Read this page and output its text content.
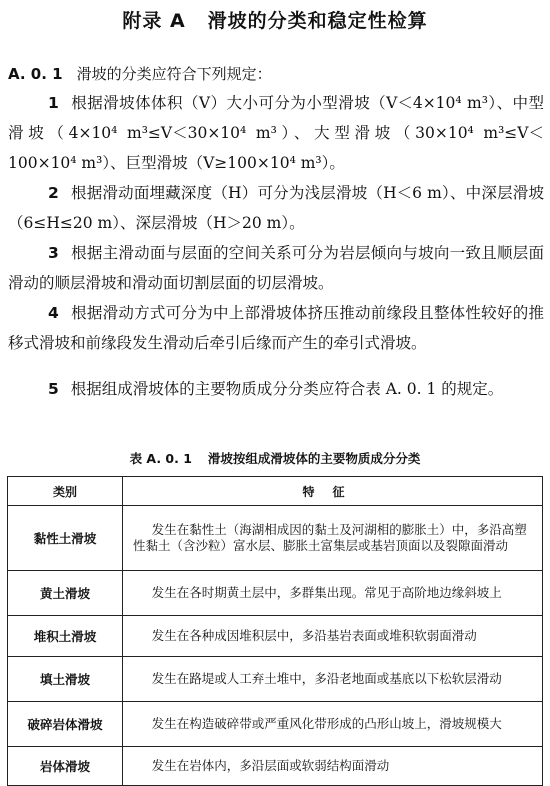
附录 A 滑坡的分类和稳定性检算
A. 0. 1 滑坡的分类应符合下列规定：
1 根据滑坡体体积（V）大小可分为小型滑坡（V＜4×10⁴ m³）、中型滑坡（4×10⁴ m³≤V＜30×10⁴ m³）、大型滑坡（30×10⁴ m³≤V＜100×10⁴ m³）、巨型滑坡（V≥100×10⁴ m³）。
2 根据滑动面埋藏深度（H）可分为浅层滑坡（H＜6 m）、中深层滑坡（6≤H≤20 m）、深层滑坡（H＞20 m）。
3 根据主滑动面与层面的空间关系可分为岩层倾向与坡向一致且顺层面滑动的顺层滑坡和滑动面切割层面的切层滑坡。
4 根据滑动方式可分为中上部滑坡体挤压推动前缘段且整体性较好的推移式滑坡和前缘段发生滑动后牵引后缘而产生的牵引式滑坡。
5 根据组成滑坡体的主要物质成分分类应符合表 A. 0. 1 的规定。
表 A. 0. 1 滑坡按组成滑坡体的主要物质成分分类
类别	特征
黏性土滑坡	发生在黏性土（海湖相成因的黏土及河湖相的膨胀土）中，多沿高塑性黏土（含沙粒）富水层、膨胀土富集层或基岩顶面以及裂隙面滑动
黄土滑坡	发生在各时期黄土层中，多群集出现。常见于高阶地边缘斜坡上
堆积土滑坡	发生在各种成因堆积层中，多沿基岩表面或堆积软弱面滑动
填土滑坡	发生在路堤或人工弃土堆中，多沿老地面或基底以下松软层滑动
破碎岩体滑坡	发生在构造破碎带或严重风化带形成的凸形山坡上，滑坡规模大
岩体滑坡	发生在岩体内，多沿层面或软弱结构面滑动
